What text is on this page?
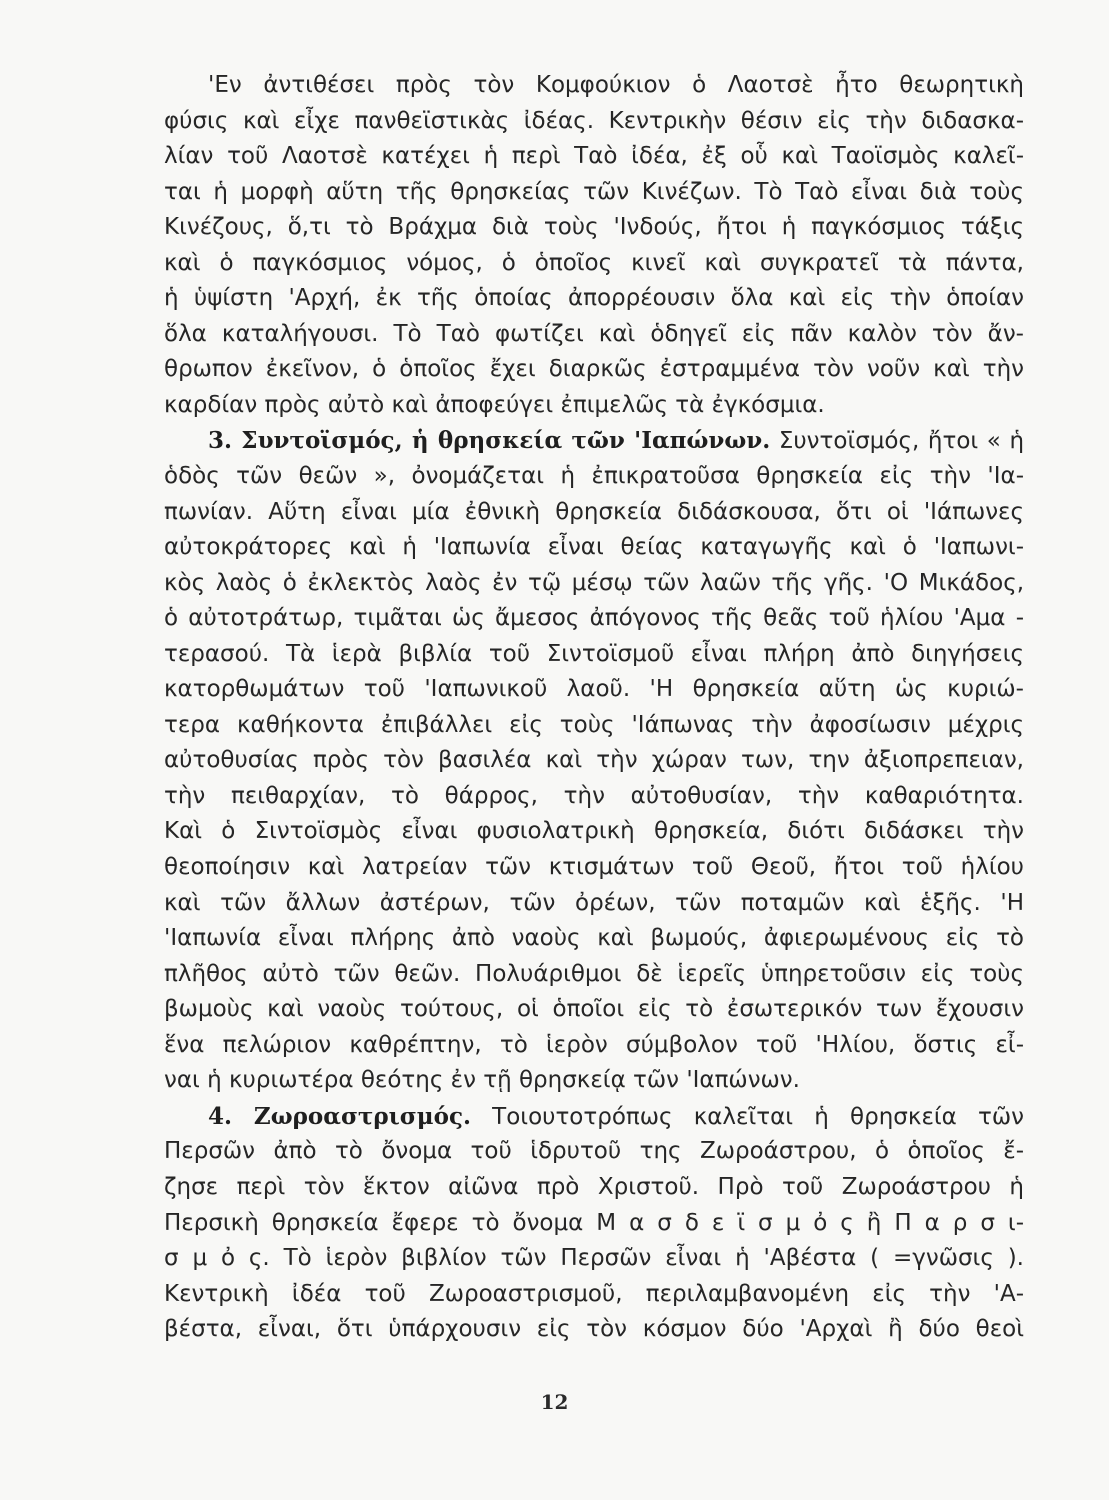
'Εν ἀντιθέσει πρὸς τὸν Κομφούκιον ὁ Λαοτσὲ ἦτο θεωρητικὴ
φύσις καὶ εἶχε πανθεϊστικὰς ἰδέας. Κεντρικὴν θέσιν εἰς τὴν διδασκα-
λίαν τοῦ Λαοτσὲ κατέχει ἡ περὶ Ταὸ ἰδέα, ἐξ οὗ καὶ Ταοϊσμὸς καλεῖ-
ται ἡ μορφὴ αὕτη τῆς θρησκείας τῶν Κινέζων. Τὸ Ταὸ εἶναι διὰ τοὺς
Κινέζους, ὅ,τι τὸ Βράχμα διὰ τοὺς 'Ινδούς, ἤτοι ἡ παγκόσμιος τάξις
καὶ ὁ παγκόσμιος νόμος, ὁ ὁποῖος κινεῖ καὶ συγκρατεῖ τὰ πάντα,
ἡ ὑψίστη 'Αρχή, ἐκ τῆς ὁποίας ἀπορρέουσιν ὅλα καὶ εἰς τὴν ὁποίαν
ὅλα καταλήγουσι. Τὸ Ταὸ φωτίζει καὶ ὁδηγεῖ εἰς πᾶν καλὸν τὸν ἄν-
θρωπον ἐκεῖνον, ὁ ὁποῖος ἔχει διαρκῶς ἐστραμμένα τὸν νοῦν καὶ τὴν
καρδίαν πρὸς αὐτὸ καὶ ἀποφεύγει ἐπιμελῶς τὰ ἐγκόσμια.
3. Συντοϊσμός, ἡ θρησκεία τῶν 'Ιαπώνων. Συντοϊσμός, ἤτοι « ἡ
ὁδὸς τῶν θεῶν », ὀνομάζεται ἡ ἐπικρατοῦσα θρησκεία εἰς τὴν 'Ια-
πωνίαν. Αὕτη εἶναι μία ἐθνικὴ θρησκεία διδάσκουσα, ὅτι οἱ 'Ιάπωνες
αὐτοκράτορες καὶ ἡ 'Ιαπωνία εἶναι θείας καταγωγῆς καὶ ὁ 'Ιαπωνι-
κὸς λαὸς ὁ ἐκλεκτὸς λαὸς ἐν τῷ μέσῳ τῶν λαῶν τῆς γῆς. 'Ο Μικάδος,
ὁ αὐτοτράτωρ, τιμᾶται ὡς ἄμεσος ἀπόγονος τῆς θεᾶς τοῦ ἡλίου 'Αμα -
τερασού. Τὰ ἱερὰ βιβλία τοῦ Σιντοϊσμοῦ εἶναι πλήρη ἀπὸ διηγήσεις
κατορθωμάτων τοῦ 'Ιαπωνικοῦ λαοῦ. 'Η θρησκεία αὕτη ὡς κυριώ-
τερα καθήκοντα ἐπιβάλλει εἰς τοὺς 'Ιάπωνας τὴν ἀφοσίωσιν μέχρις
αὐτοθυσίας πρὸς τὸν βασιλέα καὶ τὴν χώραν των, την ἀξιοπρεπειαν,
τὴν πειθαρχίαν, τὸ θάρρος, τὴν αὐτοθυσίαν, τὴν καθαριότητα.
Καὶ ὁ Σιντοϊσμὸς εἶναι φυσιολατρικὴ θρησκεία, διότι διδάσκει τὴν
θεοποίησιν καὶ λατρείαν τῶν κτισμάτων τοῦ Θεοῦ, ἤτοι τοῦ ἡλίου
καὶ τῶν ἄλλων ἀστέρων, τῶν ὀρέων, τῶν ποταμῶν καὶ ἑξῆς. 'Η
'Ιαπωνία εἶναι πλήρης ἀπὸ ναοὺς καὶ βωμούς, ἀφιερωμένους εἰς τὸ
πλῆθος αὐτὸ τῶν θεῶν. Πολυάριθμοι δὲ ἱερεῖς ὑπηρετοῦσιν εἰς τοὺς
βωμοὺς καὶ ναοὺς τούτους, οἱ ὁποῖοι εἰς τὸ ἐσωτερικόν των ἔχουσιν
ἕνα πελώριον καθρέπτην, τὸ ἱερὸν σύμβολον τοῦ 'Ηλίου, ὅστις εἶ-
ναι ἡ κυριωτέρα θεότης ἐν τῇ θρησκείᾳ τῶν 'Ιαπώνων.
4. Ζωροαστρισμός. Τοιουτοτρόπως καλεῖται ἡ θρησκεία τῶν
Περσῶν ἀπὸ τὸ ὄνομα τοῦ ἱδρυτοῦ της Ζωροάστρου, ὁ ὁποῖος ἔ-
ζησε περὶ τὸν ἕκτον αἰῶνα πρὸ Χριστοῦ. Πρὸ τοῦ Ζωροάστρου ἡ
Περσικὴ θρησκεία ἔφερε τὸ ὄνομα Μ α σ δ ε ϊ σ μ ὀ ς ἢ Π α ρ σ ι-
σ μ ὀ ς. Τὸ ἱερὸν βιβλίον τῶν Περσῶν εἶναι ἡ 'Αβέστα ( =γνῶσις ).
Κεντρικὴ ἰδέα τοῦ Ζωροαστρισμοῦ, περιλαμβανομένη εἰς τὴν 'Α-
βέστα, εἶναι, ὅτι ὑπάρχουσιν εἰς τὸν κόσμον δύο 'Αρχαὶ ἢ δύο θεοὶ
12
